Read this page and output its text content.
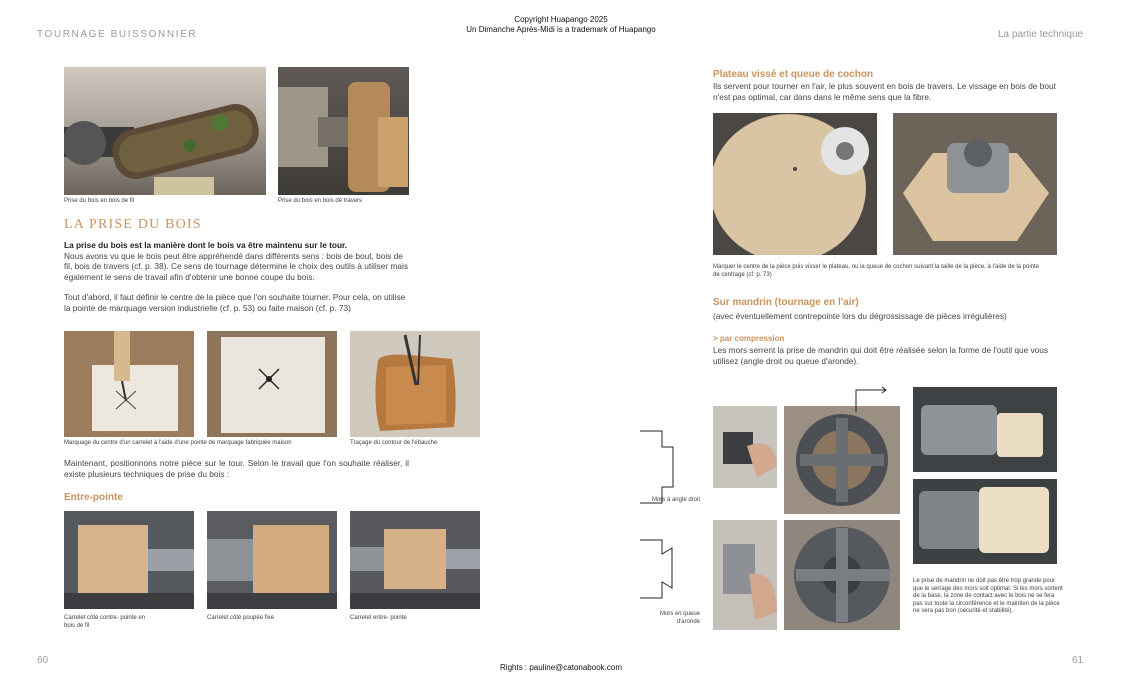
TOURNAGE BUISSONNIER	La partie technique
Copyright Huapango 2025
Un Dimanche Après-Midi is a trademark of Huapango
Prise du bois en bois de fil	Prise du bois en bois de travers
LA PRISE DU BOIS
La prise du bois est la manière dont le bois va être maintenu sur le tour.
Nous avons vu que le bois peut être appréhendé dans différents sens : bois de bout, bois de fil, bois de travers (cf. p. 38). Ce sens de tournage détermine le choix des outils à utiliser mais également le sens de travail afin d'obtenir une bonne coupe du bois.
Tout d'abord, il faut définir le centre de la pièce que l'on souhaite tourner. Pour cela, on utilise la pointe de marquage version industrielle (cf. p. 53) ou faite maison (cf. p. 73)
Marquage du centre d'un carrelet à l'aide d'une pointe de marquage fabriquée maison	Traçage du contour de l'ébauche
Maintenant, positionnons notre pièce sur le tour. Selon le travail que l'on souhaite réaliser, il existe plusieurs techniques de prise du bois :
Entre-pointe
Carrelet côté contre- pointe en bois de fil
Carrelet côté poupée fixe	Carrelet entre- pointe
60
Plateau vissé et queue de cochon
Ils servent pour tourner en l'air, le plus souvent en bois de travers. Le vissage en bois de bout n'est pas optimal, car dans dans le même sens que la fibre.
Marquer le centre de la pièce puis visser le plateau, ou la queue de cochon suivant la taille de la pièce, à l'aide de la pointe de centrage (cf. p. 73)
Sur mandrin (tournage en l'air)
(avec éventuellement contrepointe lors du dégrossissage de pièces irrégulières)
> par compression
Les mors serrent la prise de mandrin qui doit être réalisée selon la forme de l'outil que vous utilisez (angle droit ou queue d'aronde).
Mors à angle droit
Mors en queue d'aronde
Le prise de mandrin ne doit pas être trop grande pour que le serrage des mors soit optimal. Si les mors sortent de la base, la zone de contact avec le bois ne se fera pas sur toute la circonférence et le maintien de la pièce ne sera pas bon (sécurité et stabilité).
61
Rights : pauline@catonabook.com
